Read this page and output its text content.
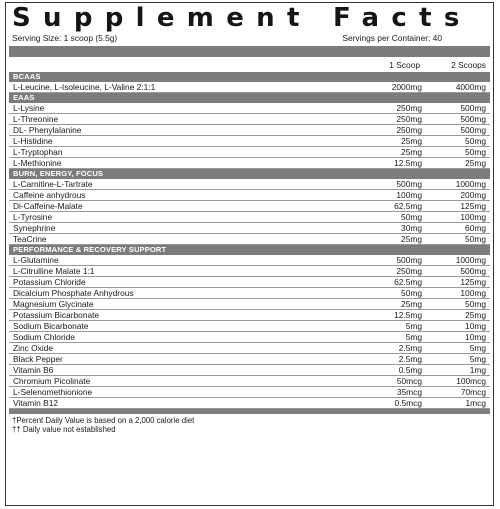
Supplement Facts
Serving Size: 1 scoop (5.5g)	Servings per Container: 40
1 Scoop	2 Scoops
BCAAS
L-Leucine, L-Isoleucine, L-Valine 2:1:1	2000mg	4000mg
EAAS
L-Lysine	250mg	500mg
L-Threonine	250mg	500mg
DL- Phenylalanine	250mg	500mg
L-Histidine	25mg	50mg
L-Tryptophan	25mg	50mg
L-Methionine	12.5mg	25mg
BURN, ENERGY, FOCUS
L-Carnitine-L-Tartrate	500mg	1000mg
Caffeine anhydrous	100mg	200mg
Di-Caffeine-Malate	62.5mg	125mg
L-Tyrosine	50mg	100mg
Synephrine	30mg	60mg
TeaCrine	25mg	50mg
PERFORMANCE & RECOVERY SUPPORT
L-Glutamine	500mg	1000mg
L-Citrulline Malate 1:1	250mg	500mg
Potassium Chloride	62.5mg	125mg
Dicalcium Phosphate Anhydrous	50mg	100mg
Magnesium Glycinate	25mg	50mg
Potassium Bicarbonate	12.5mg	25mg
Sodium Bicarbonate	5mg	10mg
Sodium Chloride	5mg	10mg
Zinc Oxide	2.5mg	5mg
Black Pepper	2.5mg	5mg
Vitamin B6	0.5mg	1mg
Chromium Picolinate	50mcg	100mcg
L-Selenomethionione	35mcg	70mcg
Vitamin B12	0.5mcg	1mcg
†Percent Daily Value is based on a 2,000 calorie diet
†† Daily value not established
